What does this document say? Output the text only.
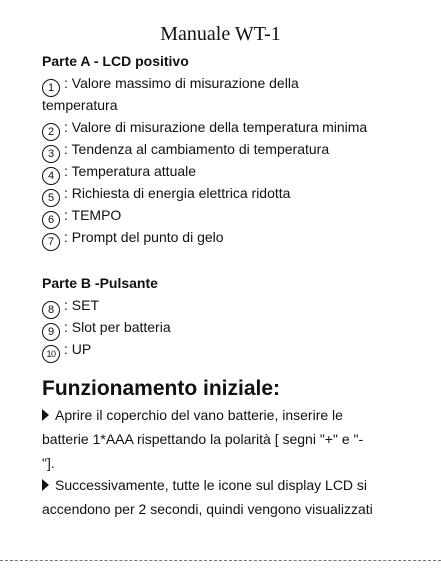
Manuale WT-1
Parte A - LCD positivo
1 : Valore massimo di misurazione della
temperatura
2 : Valore di misurazione della temperatura minima
3 : Tendenza al cambiamento di temperatura
4 : Temperatura attuale
5 : Richiesta di energia elettrica ridotta
6 : TEMPO
7 : Prompt del punto di gelo
Parte B -Pulsante
8 : SET
9 : Slot per batteria
10 : UP
Funzionamento iniziale:
Aprire il coperchio del vano batterie, inserire le
batterie 1*AAA rispettando la polarità [ segni "+" e "-
"].
Successivamente, tutte le icone sul display LCD si
accendono per 2 secondi, quindi vengono visualizzati
